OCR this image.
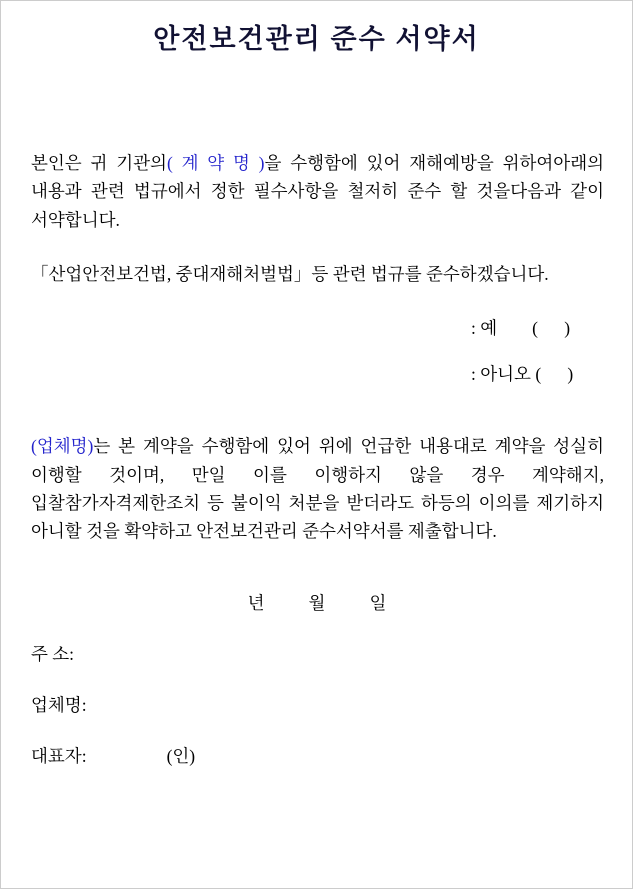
안전보건관리 준수 서약서

본인은 귀 기관의( 계 약 명 )을 수행함에 있어 재해예방을 위하여아래의 내용과 관련 법규에서 정한 필수사항을 철저히 준수 할 것을다음과 같이 서약합니다.

「산업안전보건법, 중대재해처벌법」등 관련 법규를 준수하겠습니다.

: 예        (      )

: 아니오 (      )

(업체명)는 본 계약을 수행함에 있어 위에 언급한 내용대로 계약을 성실히 이행할 것이며, 만일 이를 이행하지 않을 경우 계약해지, 입찰참가자격제한조치 등 불이익 처분을 받더라도 하등의 이의를 제기하지 아니할 것을 확약하고 안전보건관리 준수서약서를 제출합니다.

년        월        일

주 소:

업체명:

대표자:	(인)
